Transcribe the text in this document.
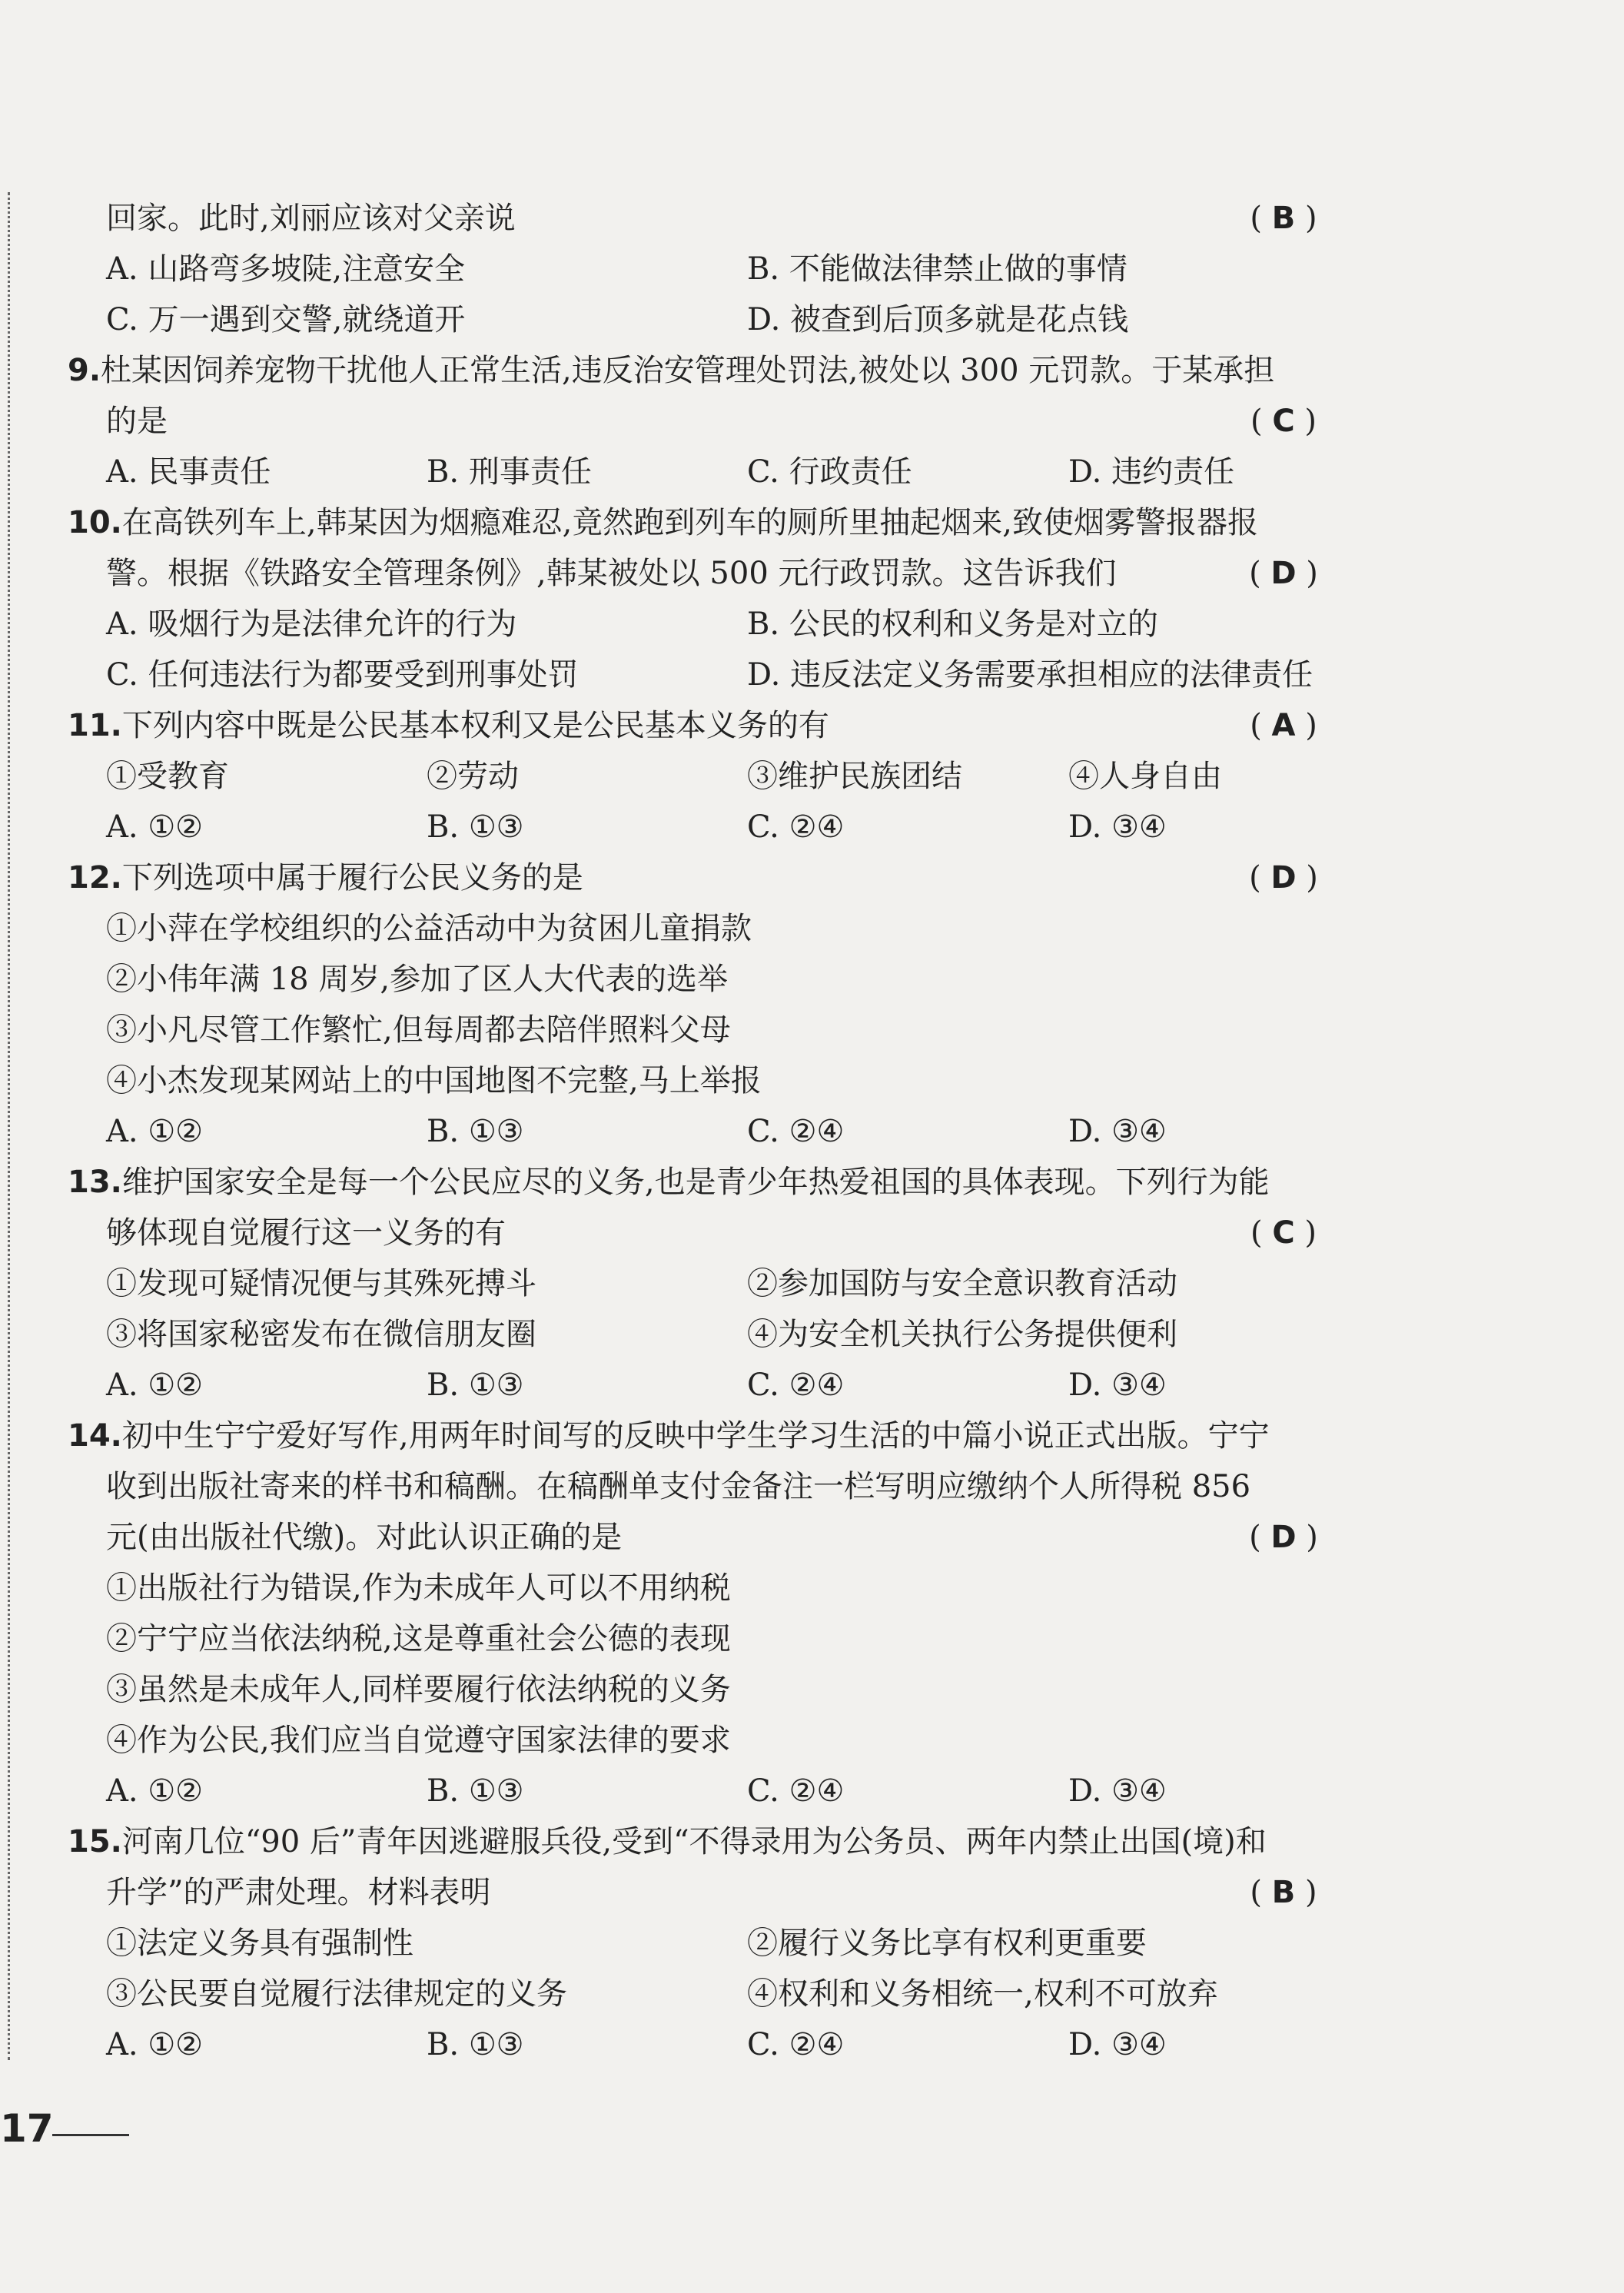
回家。此时,刘丽应该对父亲说	( B )
A. 山路弯多坡陡,注意安全	B. 不能做法律禁止做的事情
C. 万一遇到交警,就绕道开	D. 被查到后顶多就是花点钱
9.杜某因饲养宠物干扰他人正常生活,违反治安管理处罚法,被处以 300 元罚款。于某承担
的是	( C )
A. 民事责任	B. 刑事责任	C. 行政责任	D. 违约责任
10.在高铁列车上,韩某因为烟瘾难忍,竟然跑到列车的厕所里抽起烟来,致使烟雾警报器报
警。根据《铁路安全管理条例》,韩某被处以 500 元行政罚款。这告诉我们	( D )
A. 吸烟行为是法律允许的行为	B. 公民的权利和义务是对立的
C. 任何违法行为都要受到刑事处罚	D. 违反法定义务需要承担相应的法律责任
11.下列内容中既是公民基本权利又是公民基本义务的有	( A )
①受教育	②劳动	③维护民族团结	④人身自由
A. ①②	B. ①③	C. ②④	D. ③④
12.下列选项中属于履行公民义务的是	( D )
①小萍在学校组织的公益活动中为贫困儿童捐款
②小伟年满 18 周岁,参加了区人大代表的选举
③小凡尽管工作繁忙,但每周都去陪伴照料父母
④小杰发现某网站上的中国地图不完整,马上举报
A. ①②	B. ①③	C. ②④	D. ③④
13.维护国家安全是每一个公民应尽的义务,也是青少年热爱祖国的具体表现。下列行为能
够体现自觉履行这一义务的有	( C )
①发现可疑情况便与其殊死搏斗	②参加国防与安全意识教育活动
③将国家秘密发布在微信朋友圈	④为安全机关执行公务提供便利
A. ①②	B. ①③	C. ②④	D. ③④
14.初中生宁宁爱好写作,用两年时间写的反映中学生学习生活的中篇小说正式出版。宁宁
收到出版社寄来的样书和稿酬。在稿酬单支付金备注一栏写明应缴纳个人所得税 856
元(由出版社代缴)。对此认识正确的是	( D )
①出版社行为错误,作为未成年人可以不用纳税
②宁宁应当依法纳税,这是尊重社会公德的表现
③虽然是未成年人,同样要履行依法纳税的义务
④作为公民,我们应当自觉遵守国家法律的要求
A. ①②	B. ①③	C. ②④	D. ③④
15.河南几位“90 后”青年因逃避服兵役,受到“不得录用为公务员、两年内禁止出国(境)和
升学”的严肃处理。材料表明	( B )
①法定义务具有强制性	②履行义务比享有权利更重要
③公民要自觉履行法律规定的义务	④权利和义务相统一,权利不可放弃
A. ①②	B. ①③	C. ②④	D. ③④
17
